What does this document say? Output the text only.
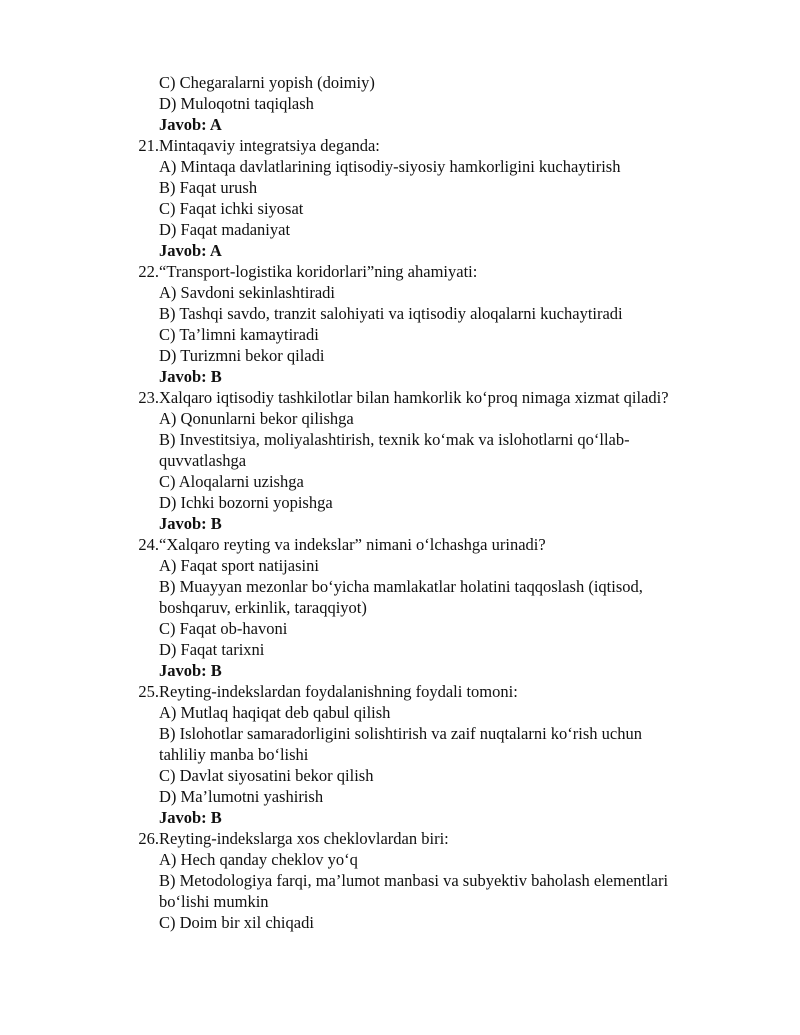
C) Chegaralarni yopish (doimiy)
D) Muloqotni taqiqlash
Javob: A
21. Mintaqaviy integratsiya deganda:
A) Mintaqa davlatlarining iqtisodiy-siyosiy hamkorligini kuchaytirish
B) Faqat urush
C) Faqat ichki siyosat
D) Faqat madaniyat
Javob: A
22. “Transport-logistika koridorlari”ning ahamiyati:
A) Savdoni sekinlashtiradi
B) Tashqi savdo, tranzit salohiyati va iqtisodiy aloqalarni kuchaytiradi
C) Ta’limni kamaytiradi
D) Turizmni bekor qiladi
Javob: B
23. Xalqaro iqtisodiy tashkilotlar bilan hamkorlik ko‘proq nimaga xizmat qiladi?
A) Qonunlarni bekor qilishga
B) Investitsiya, moliyalashtirish, texnik ko‘mak va islohotlarni qo‘llab-
quvvatlashga
C) Aloqalarni uzishga
D) Ichki bozorni yopishga
Javob: B
24. “Xalqaro reyting va indekslar” nimani o‘lchashga urinadi?
A) Faqat sport natijasini
B) Muayyan mezonlar bo‘yicha mamlakatlar holatini taqqoslash (iqtisod,
boshqaruv, erkinlik, taraqqiyot)
C) Faqat ob-havoni
D) Faqat tarixni
Javob: B
25. Reyting-indekslardan foydalanishning foydali tomoni:
A) Mutlaq haqiqat deb qabul qilish
B) Islohotlar samaradorligini solishtirish va zaif nuqtalarni ko‘rish uchun
tahliliy manba bo‘lishi
C) Davlat siyosatini bekor qilish
D) Ma’lumotni yashirish
Javob: B
26. Reyting-indekslarga xos cheklovlardan biri:
A) Hech qanday cheklov yo‘q
B) Metodologiya farqi, ma’lumot manbasi va subyektiv baholash elementlari
bo‘lishi mumkin
C) Doim bir xil chiqadi
